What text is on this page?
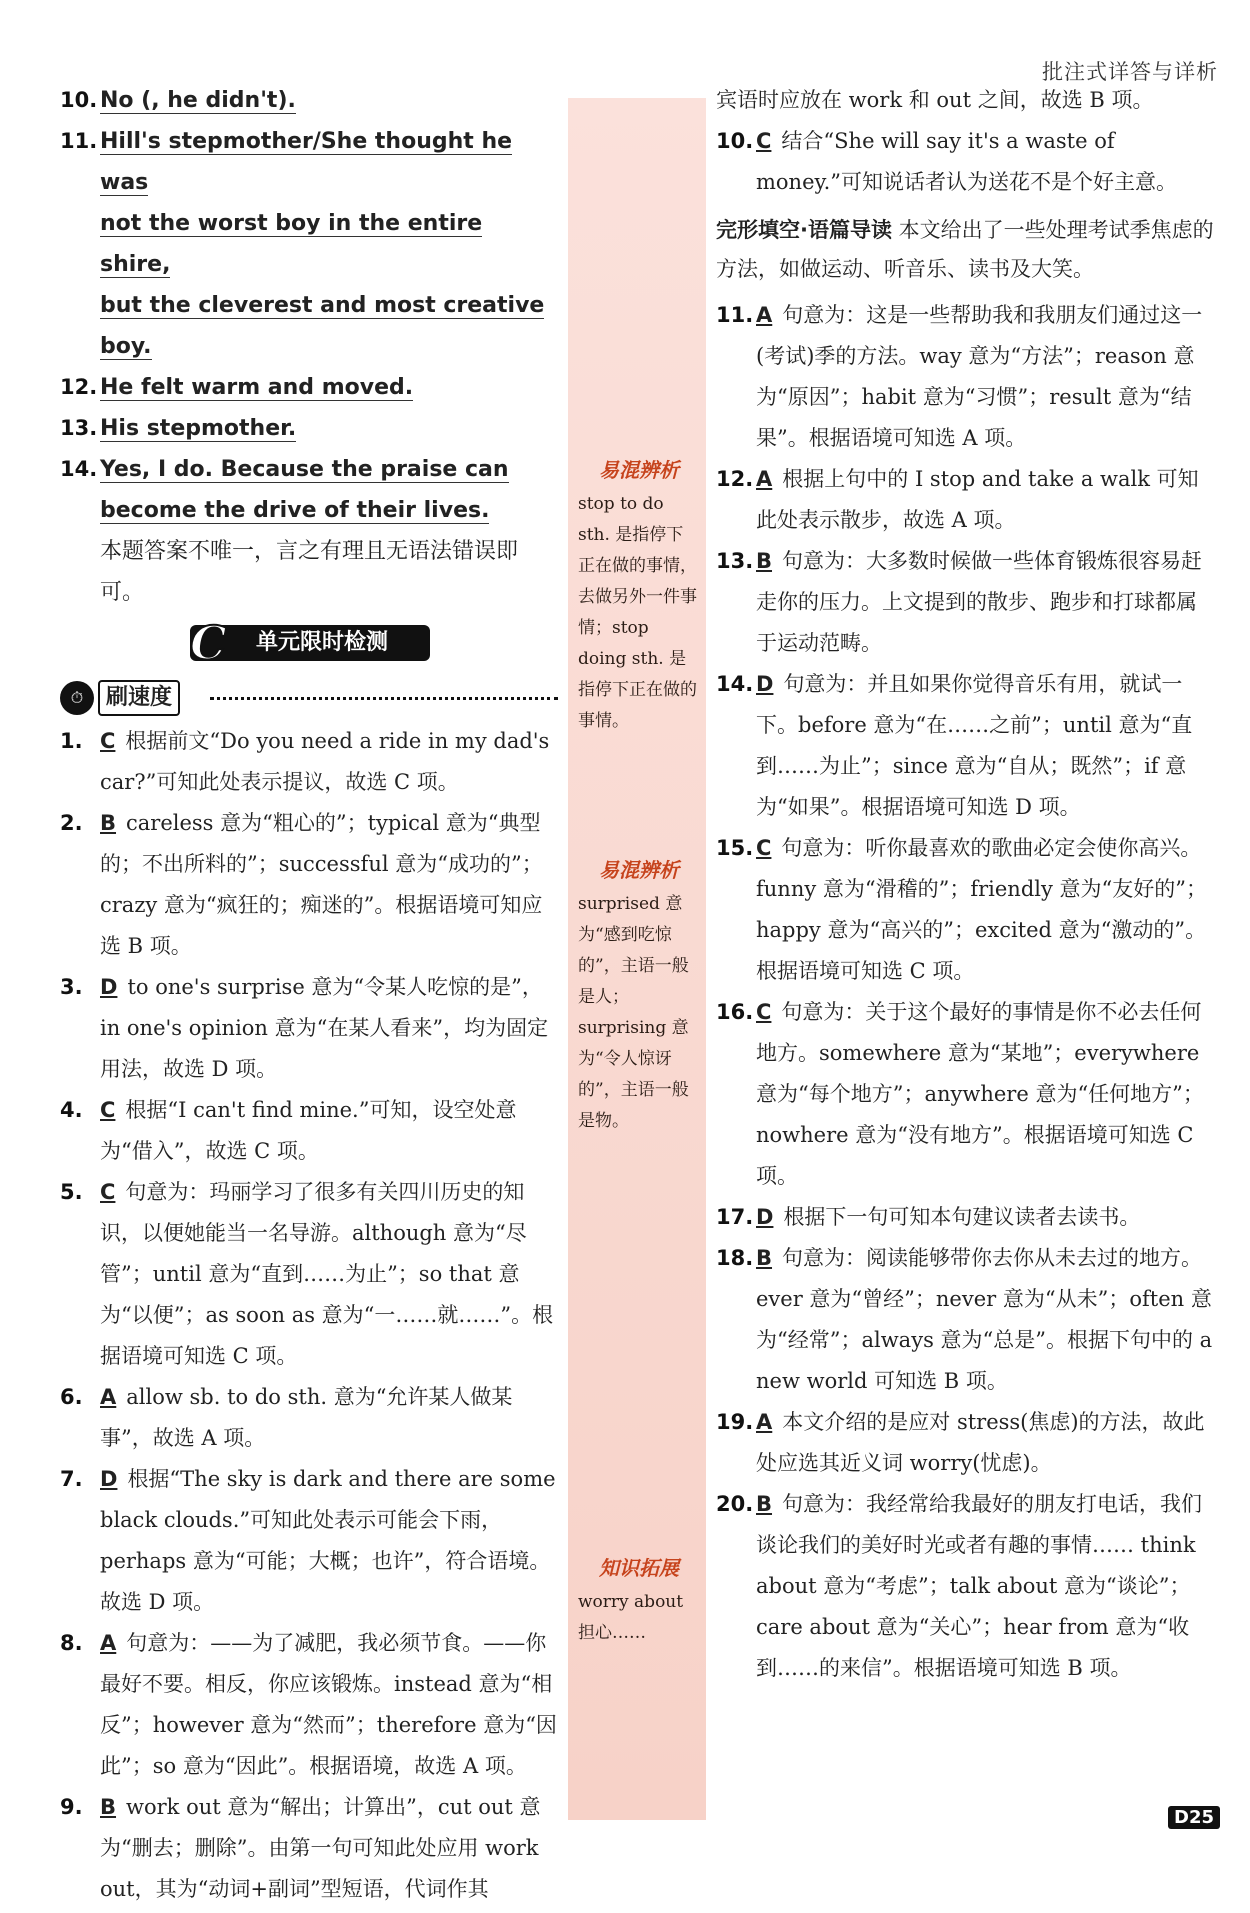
批注式详答与详析
10. No (, he didn't).
11. Hill's stepmother/She thought he was
not the worst boy in the entire shire,
but the cleverest and most creative boy.
12. He felt warm and moved.
13. His stepmother.
14. Yes, I do. Because the praise can
become the drive of their lives.
本题答案不唯一，言之有理且无语法错误即可。
单元限时检测
C
⏱	刷速度
1. C 根据前文“Do you need a ride in my dad's car?”可知此处表示提议，故选 C 项。
2. B careless 意为“粗心的”；typical 意为“典型的；不出所料的”；successful 意为“成功的”；crazy 意为“疯狂的；痴迷的”。根据语境可知应选 B 项。
3. D to one's surprise 意为“令某人吃惊的是”，in one's opinion 意为“在某人看来”，均为固定用法，故选 D 项。
4. C 根据“I can't find mine.”可知，设空处意为“借入”，故选 C 项。
5. C 句意为：玛丽学习了很多有关四川历史的知识，以便她能当一名导游。although 意为“尽管”；until 意为“直到……为止”；so that 意为“以便”；as soon as 意为“一……就……”。根据语境可知选 C 项。
6. A allow sb. to do sth. 意为“允许某人做某事”，故选 A 项。
7. D 根据“The sky is dark and there are some black clouds.”可知此处表示可能会下雨，perhaps 意为“可能；大概；也许”，符合语境。故选 D 项。
8. A 句意为：——为了减肥，我必须节食。——你最好不要。相反，你应该锻炼。instead 意为“相反”；however 意为“然而”；therefore 意为“因此”；so 意为“因此”。根据语境，故选 A 项。
9. B work out 意为“解出；计算出”，cut out 意为“删去；删除”。由第一句可知此处应用 work out，其为“动词+副词”型短语，代词作其
易混辨析
stop to do sth. 是指停下正在做的事情，去做另外一件事情；stop doing sth. 是指停下正在做的事情。
易混辨析
surprised 意为“感到吃惊的”，主语一般是人；surprising 意为“令人惊讶的”，主语一般是物。
知识拓展
worry about 担心……
宾语时应放在 work 和 out 之间，故选 B 项。
10. C 结合“She will say it's a waste of money.”可知说话者认为送花不是个好主意。
完形填空·语篇导读 本文给出了一些处理考试季焦虑的方法，如做运动、听音乐、读书及大笑。
11. A 句意为：这是一些帮助我和我朋友们通过这一(考试)季的方法。way 意为“方法”；reason 意为“原因”；habit 意为“习惯”；result 意为“结果”。根据语境可知选 A 项。
12. A 根据上句中的 I stop and take a walk 可知此处表示散步，故选 A 项。
13. B 句意为：大多数时候做一些体育锻炼很容易赶走你的压力。上文提到的散步、跑步和打球都属于运动范畴。
14. D 句意为：并且如果你觉得音乐有用，就试一下。before 意为“在……之前”；until 意为“直到……为止”；since 意为“自从；既然”；if 意为“如果”。根据语境可知选 D 项。
15. C 句意为：听你最喜欢的歌曲必定会使你高兴。funny 意为“滑稽的”；friendly 意为“友好的”；happy 意为“高兴的”；excited 意为“激动的”。根据语境可知选 C 项。
16. C 句意为：关于这个最好的事情是你不必去任何地方。somewhere 意为“某地”；everywhere 意为“每个地方”；anywhere 意为“任何地方”；nowhere 意为“没有地方”。根据语境可知选 C 项。
17. D 根据下一句可知本句建议读者去读书。
18. B 句意为：阅读能够带你去你从未去过的地方。ever 意为“曾经”；never 意为“从未”；often 意为“经常”；always 意为“总是”。根据下句中的 a new world 可知选 B 项。
19. A 本文介绍的是应对 stress(焦虑)的方法，故此处应选其近义词 worry(忧虑)。
20. B 句意为：我经常给我最好的朋友打电话，我们谈论我们的美好时光或者有趣的事情…… think about 意为“考虑”；talk about 意为“谈论”；care about 意为“关心”；hear from 意为“收到……的来信”。根据语境可知选 B 项。
D25
